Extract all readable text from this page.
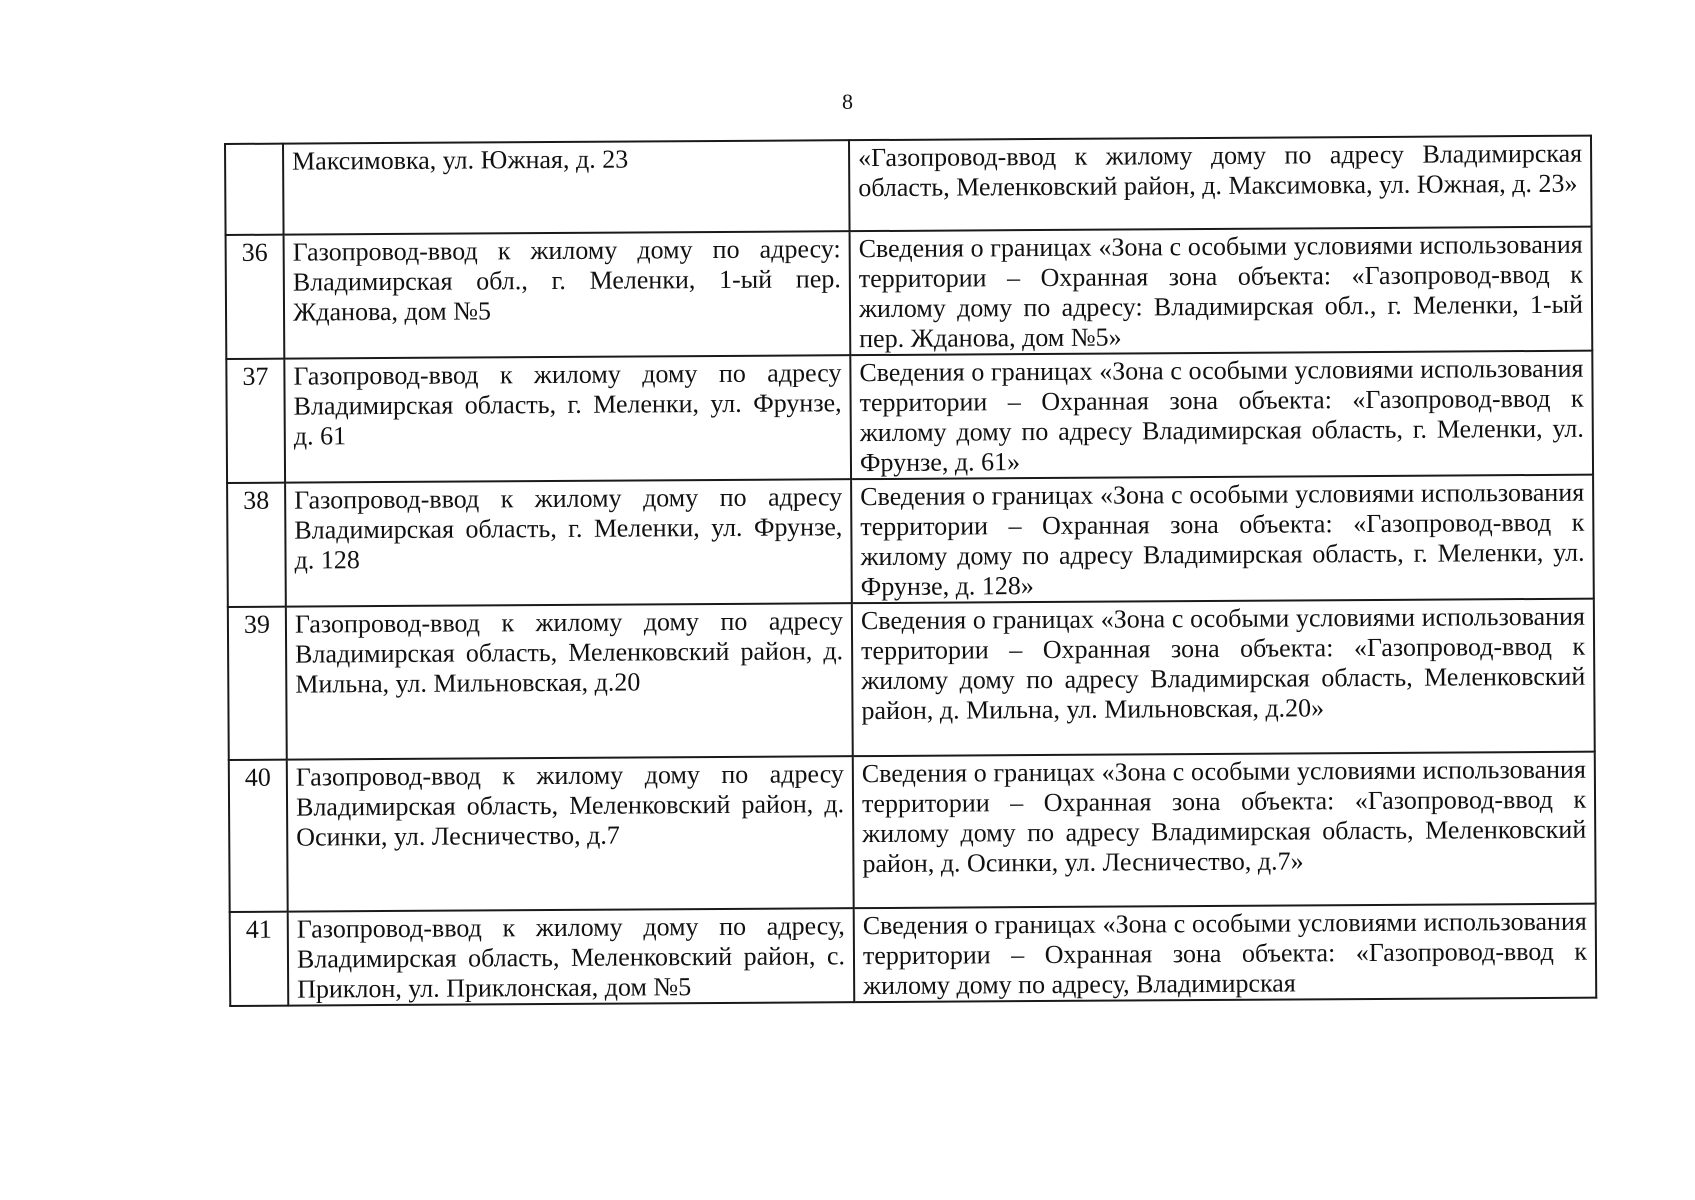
8
	Максимовка, ул. Южная, д. 23	«Газопровод-ввод к жилому дому по адресу Владимирская область, Меленковский район, д. Максимовка, ул. Южная, д. 23»
36	Газопровод-ввод к жилому дому по адресу: Владимирская обл., г. Меленки, 1-ый пер. Жданова, дом №5	Сведения о границах «Зона с особыми условиями использования территории – Охранная зона объекта: «Газопровод-ввод к жилому дому по адресу: Владимирская обл., г. Меленки, 1-ый пер. Жданова, дом №5»
37	Газопровод-ввод к жилому дому по адресу Владимирская область, г. Меленки, ул. Фрунзе, д. 61	Сведения о границах «Зона с особыми условиями использования территории – Охранная зона объекта: «Газопровод-ввод к жилому дому по адресу Владимирская область, г. Меленки, ул. Фрунзе, д. 61»
38	Газопровод-ввод к жилому дому по адресу Владимирская область, г. Меленки, ул. Фрунзе, д. 128	Сведения о границах «Зона с особыми условиями использования территории – Охранная зона объекта: «Газопровод-ввод к жилому дому по адресу Владимирская область, г. Меленки, ул. Фрунзе, д. 128»
39	Газопровод-ввод к жилому дому по адресу Владимирская область, Меленковский район, д. Мильна, ул. Мильновская, д.20	Сведения о границах «Зона с особыми условиями использования территории – Охранная зона объекта: «Газопровод-ввод к жилому дому по адресу Владимирская область, Меленковский район, д. Мильна, ул. Мильновская, д.20»
40	Газопровод-ввод к жилому дому по адресу Владимирская область, Меленковский район, д. Осинки, ул. Лесничество, д.7	Сведения о границах «Зона с особыми условиями использования территории – Охранная зона объекта: «Газопровод-ввод к жилому дому по адресу Владимирская область, Меленковский район, д. Осинки, ул. Лесничество, д.7»
41	Газопровод-ввод к жилому дому по адресу, Владимирская область, Меленковский район, с. Приклон, ул. Приклонская, дом №5	Сведения о границах «Зона с особыми условиями использования территории – Охранная зона объекта: «Газопровод-ввод к жилому дому по адресу, Владимирская
